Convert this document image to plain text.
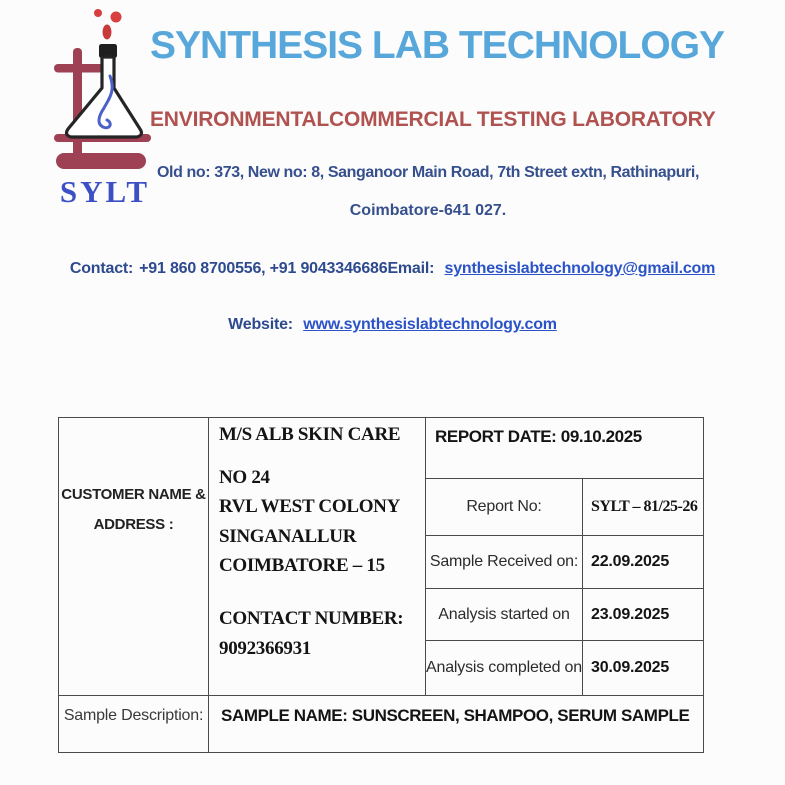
SYLT
SYNTHESIS LAB TECHNOLOGY
ENVIRONMENTALCOMMERCIAL TESTING LABORATORY
Old no: 373, New no: 8, Sanganoor Main Road, 7th Street extn, Rathinapuri,
Coimbatore-641 027.
Contact: +91 860 8700556, +91 9043346686Email: synthesislabtechnology@gmail.com
Website: www.synthesislabtechnology.com
CUSTOMER NAME &
ADDRESS :

M/S ALB SKIN CARE
NO 24
RVL WEST COLONY
SINGANALLUR
COIMBATORE – 15
CONTACT NUMBER:
9092366931
	REPORT DATE: 09.10.2025
		Report No:	SYLT – 81/25-26
		Sample Received on:	22.09.2025
		Analysis started on	23.09.2025
		Analysis completed on	30.09.2025
Sample Description:	SAMPLE NAME: SUNSCREEN, SHAMPOO, SERUM SAMPLE		
